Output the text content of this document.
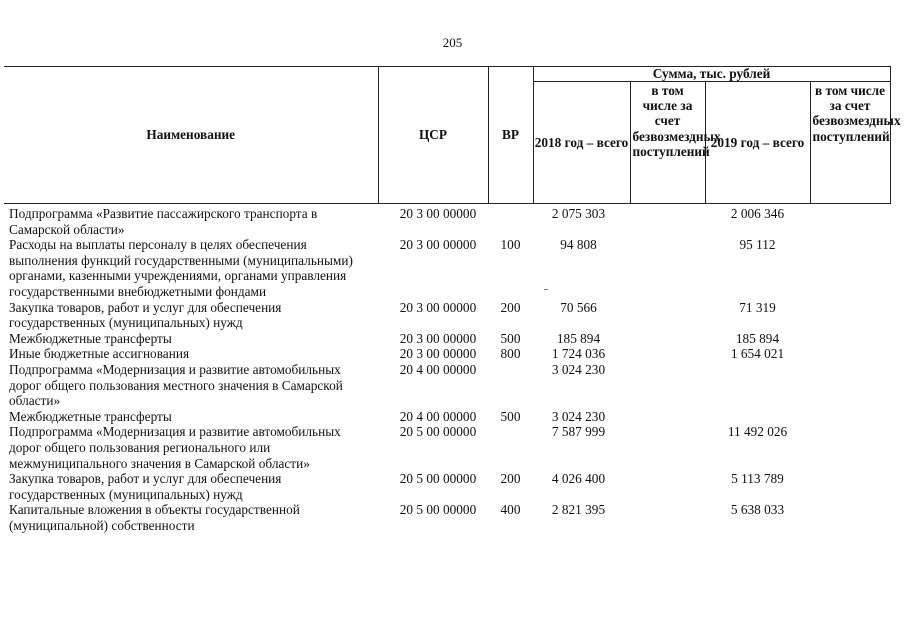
205
Наименование	ЦСР	ВР	Сумма, тыс. рублей			
			2018 год – всего	в том числе за счет безвозмездных поступлений	2019 год – всего	в том числе за счет безвозмездных поступлений
Подпрограмма «Развитие пассажирского транспорта в Самарской области»	20 3 00 00000		2 075 303		2 006 346	
Расходы на выплаты персоналу в целях обеспечения выполнения функций государственными (муниципальными) органами, казенными учреждениями, органами управления государственными внебюджетными фондами	20 3 00 00000	100	94 808		95 112	
Закупка товаров, работ и услуг для обеспечения государственных (муниципальных) нужд	20 3 00 00000	200	70 566		71 319	
Межбюджетные трансферты	20 3 00 00000	500	185 894		185 894	
Иные бюджетные ассигнования	20 3 00 00000	800	1 724 036		1 654 021	
Подпрограмма «Модернизация и развитие автомобильных дорог общего пользования местного значения в Самарской области»	20 4 00 00000		3 024 230			
Межбюджетные трансферты	20 4 00 00000	500	3 024 230			
Подпрограмма «Модернизация и развитие автомобильных дорог общего пользования регионального или межмуниципального значения в Самарской области»	20 5 00 00000		7 587 999		11 492 026	
Закупка товаров, работ и услуг для обеспечения государственных (муниципальных) нужд	20 5 00 00000	200	4 026 400		5 113 789	
Капитальные вложения в объекты государственной (муниципальной) собственности	20 5 00 00000	400	2 821 395		5 638 033	
